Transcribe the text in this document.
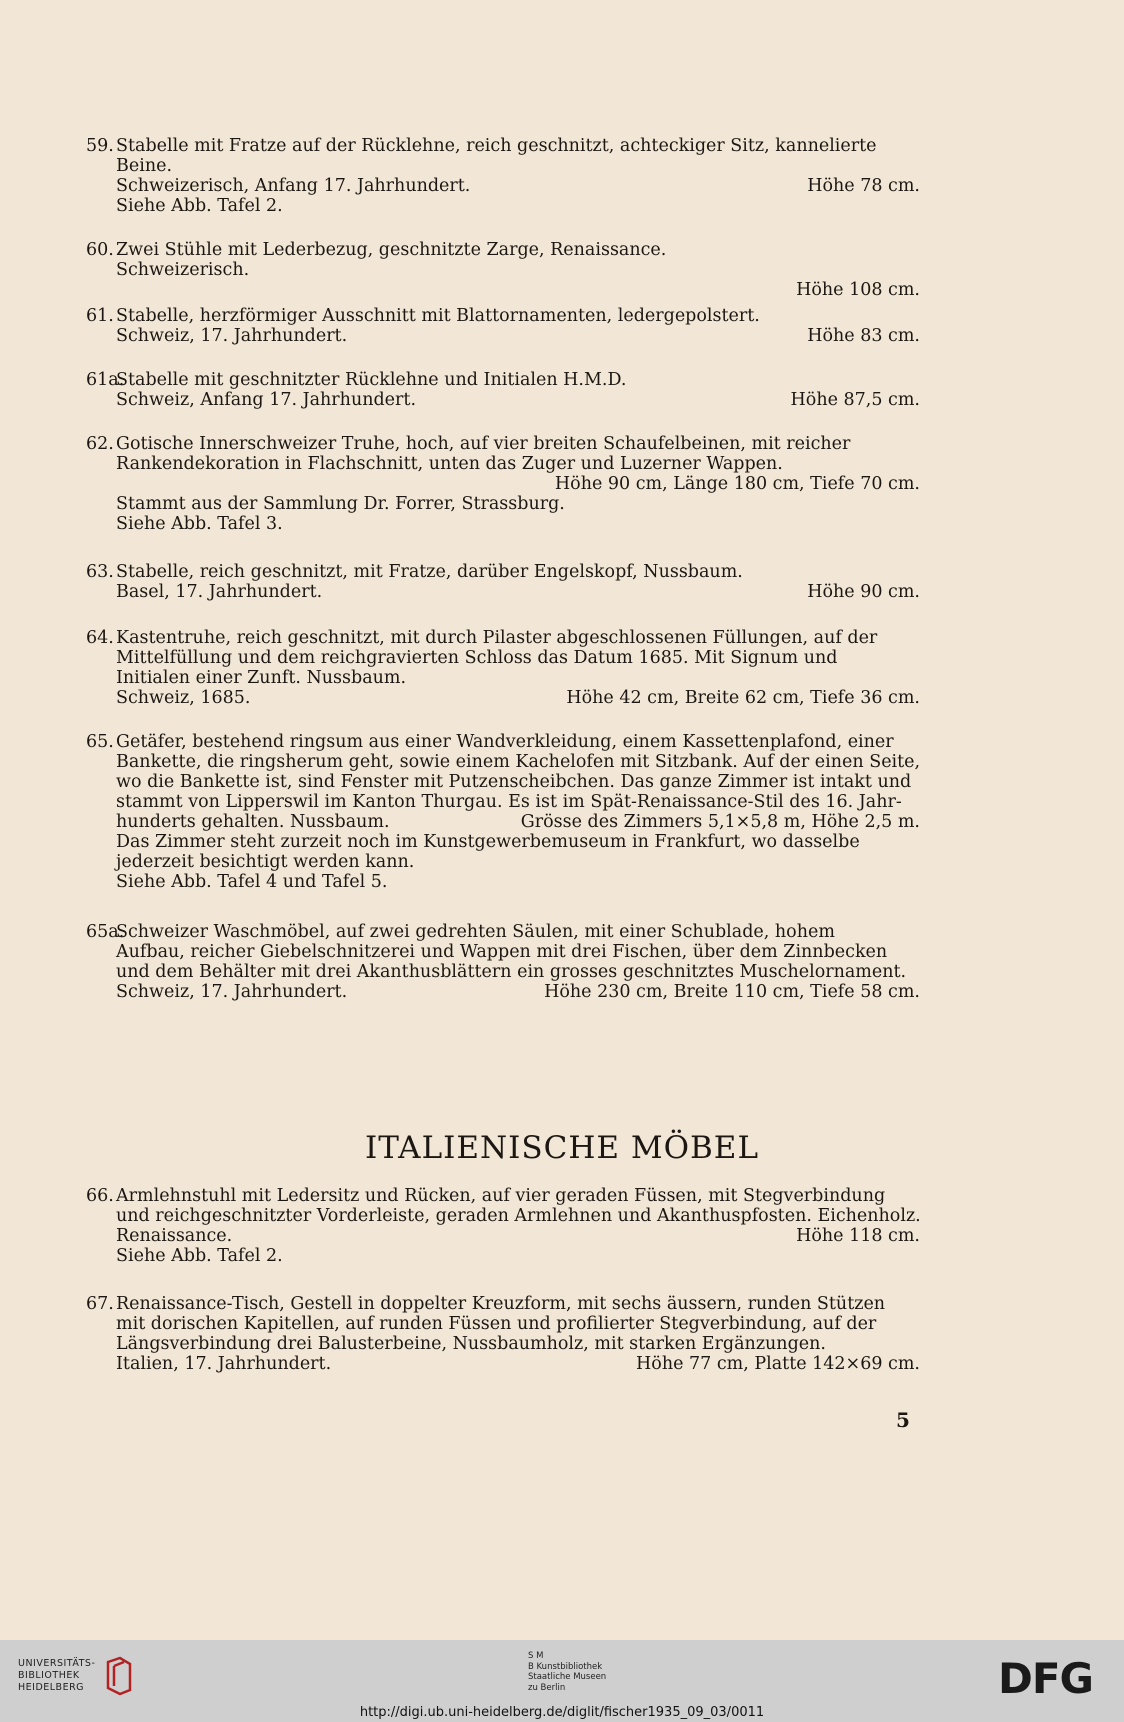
59. Stabelle mit Fratze auf der Rücklehne, reich geschnitzt, achteckiger Sitz, kannelierte
Beine.
Schweizerisch, Anfang 17. Jahrhundert.	Höhe 78 cm.
Siehe Abb. Tafel 2.
60. Zwei Stühle mit Lederbezug, geschnitzte Zarge, Renaissance.
Schweizerisch.
Höhe 108 cm.
61. Stabelle, herzförmiger Ausschnitt mit Blattornamenten, ledergepolstert.
Schweiz, 17. Jahrhundert.	Höhe 83 cm.
61a.
Stabelle mit geschnitzter Rücklehne und Initialen H.M.D.
Schweiz, Anfang 17. Jahrhundert.	Höhe 87,5 cm.
62. Gotische Innerschweizer Truhe, hoch, auf vier breiten Schaufelbeinen, mit reicher
Rankendekoration in Flachschnitt, unten das Zuger und Luzerner Wappen.
Höhe 90 cm, Länge 180 cm, Tiefe 70 cm.
Stammt aus der Sammlung Dr. Forrer, Strassburg.
Siehe Abb. Tafel 3.
63. Stabelle, reich geschnitzt, mit Fratze, darüber Engelskopf, Nussbaum.
Basel, 17. Jahrhundert.	Höhe 90 cm.
64. Kastentruhe, reich geschnitzt, mit durch Pilaster abgeschlossenen Füllungen, auf der
Mittelfüllung und dem reichgravierten Schloss das Datum 1685. Mit Signum und
Initialen einer Zunft. Nussbaum.
Schweiz, 1685.	Höhe 42 cm, Breite 62 cm, Tiefe 36 cm.
65. Getäfer, bestehend ringsum aus einer Wandverkleidung, einem Kassettenplafond, einer
Bankette, die ringsherum geht, sowie einem Kachelofen mit Sitzbank. Auf der einen Seite,
wo die Bankette ist, sind Fenster mit Putzenscheibchen. Das ganze Zimmer ist intakt und
stammt von Lipperswil im Kanton Thurgau. Es ist im Spät-Renaissance-Stil des 16. Jahr-
hunderts gehalten. Nussbaum.	Grösse des Zimmers 5,1×5,8 m, Höhe 2,5 m.
Das Zimmer steht zurzeit noch im Kunstgewerbemuseum in Frankfurt, wo dasselbe
jederzeit besichtigt werden kann.
Siehe Abb. Tafel 4 und Tafel 5.
65a.
Schweizer Waschmöbel, auf zwei gedrehten Säulen, mit einer Schublade, hohem
Aufbau, reicher Giebelschnitzerei und Wappen mit drei Fischen, über dem Zinnbecken
und dem Behälter mit drei Akanthusblättern ein grosses geschnitztes Muschelornament.
Schweiz, 17. Jahrhundert.	Höhe 230 cm, Breite 110 cm, Tiefe 58 cm.
ITALIENISCHE MÖBEL
66. Armlehnstuhl mit Ledersitz und Rücken, auf vier geraden Füssen, mit Stegverbindung
und reichgeschnitzter Vorderleiste, geraden Armlehnen und Akanthuspfosten. Eichenholz.
Renaissance.	Höhe 118 cm.
Siehe Abb. Tafel 2.
67. Renaissance-Tisch, Gestell in doppelter Kreuzform, mit sechs äussern, runden Stützen
mit dorischen Kapitellen, auf runden Füssen und profilierter Stegverbindung, auf der
Längsverbindung drei Balusterbeine, Nussbaumholz, mit starken Ergänzungen.
Italien, 17. Jahrhundert.	Höhe 77 cm, Platte 142×69 cm.
5
UNIVERSITÄTS-
BIBLIOTHEK
HEIDELBERG
S M
B Kunstbibliothek
Staatliche Museen
zu Berlin	DFG
http://digi.ub.uni-heidelberg.de/diglit/fischer1935_09_03/0011
